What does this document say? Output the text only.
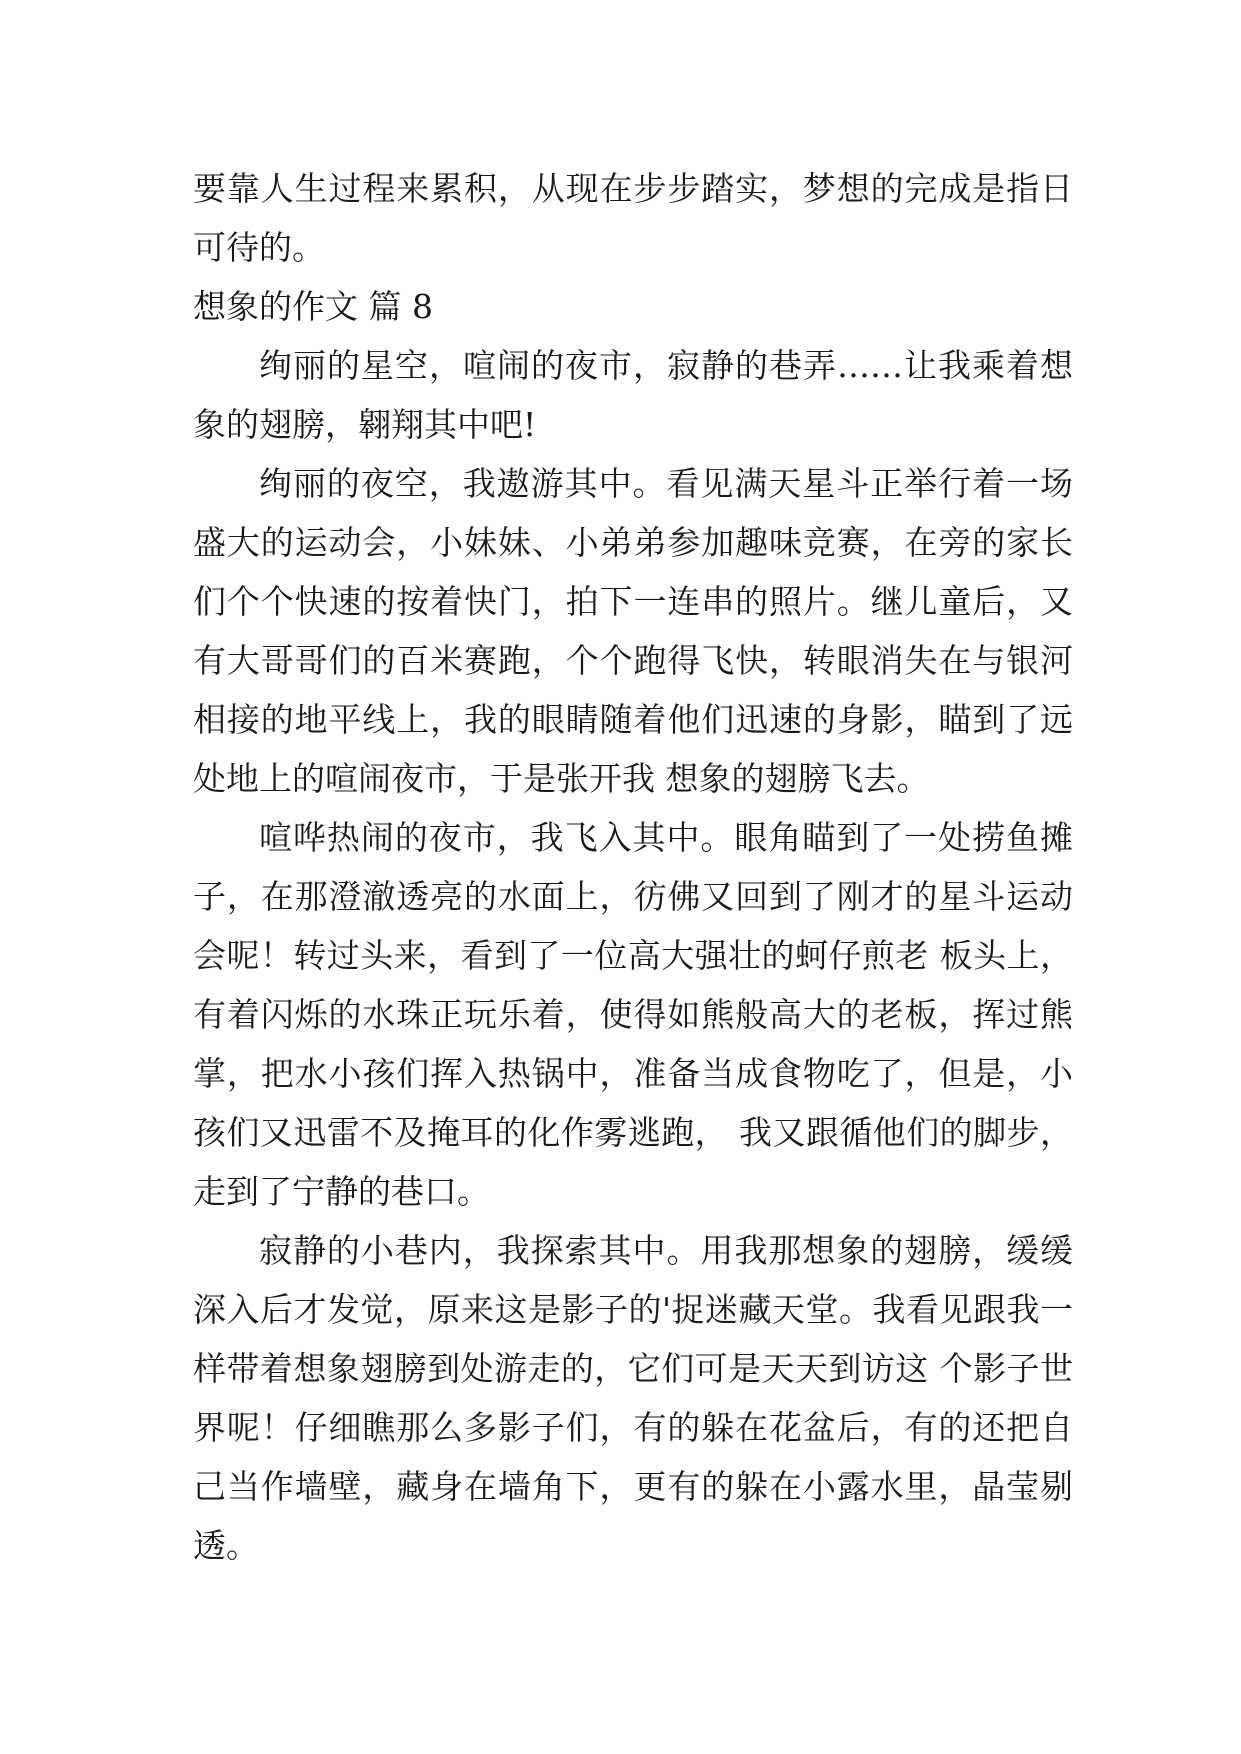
要靠人生过程来累积，从现在步步踏实，梦想的完成是指日可待的。

想象的作文 篇 8

绚丽的星空，喧闹的夜市，寂静的巷弄……让我乘着想象的翅膀，翱翔其中吧!

绚丽的夜空，我遨游其中。看见满天星斗正举行着一场盛大的运动会，小妹妹、小弟弟参加趣味竞赛，在旁的家长们个个快速的按着快门，拍下一连串的照片。继儿童后，又有大哥哥们的百米赛跑，个个跑得飞快，转眼消失在与银河相接的地平线上，我的眼睛随着他们迅速的身影，瞄到了远处地上的喧闹夜市，于是张开我 想象的翅膀飞去。

喧哗热闹的夜市，我飞入其中。眼角瞄到了一处捞鱼摊子，在那澄澈透亮的水面上，彷佛又回到了刚才的星斗运动会呢！转过头来，看到了一位高大强壮的蚵仔煎老 板头上，有着闪烁的水珠正玩乐着，使得如熊般高大的老板，挥过熊掌，把水小孩们挥入热锅中，准备当成食物吃了，但是，小孩们又迅雷不及掩耳的化作雾逃跑， 我又跟循他们的脚步，走到了宁静的巷口。

寂静的小巷内，我探索其中。用我那想象的翅膀，缓缓深入后才发觉，原来这是影子的'捉迷藏天堂。我看见跟我一样带着想象翅膀到处游走的，它们可是天天到访这 个影子世界呢！仔细瞧那么多影子们，有的躲在花盆后，有的还把自己当作墙壁，藏身在墙角下，更有的躲在小露水里，晶莹剔透。
